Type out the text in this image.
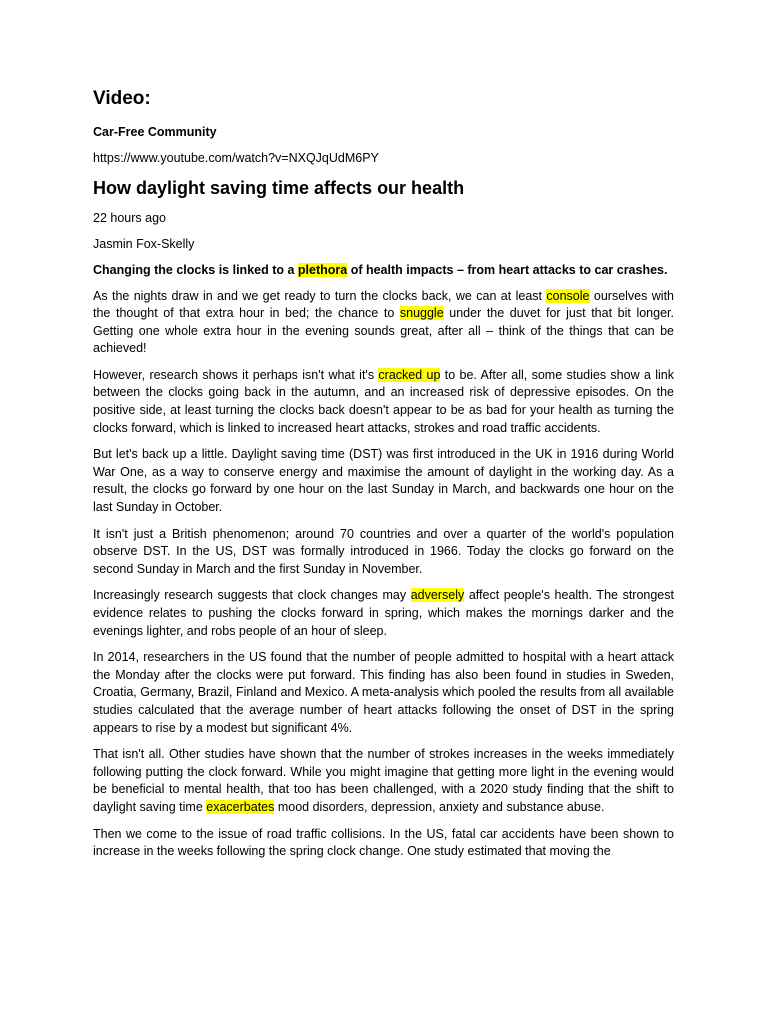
Video:
Car-Free Community
https://www.youtube.com/watch?v=NXQJqUdM6PY
How daylight saving time affects our health
22 hours ago
Jasmin Fox-Skelly
Changing the clocks is linked to a plethora of health impacts – from heart attacks to car crashes.

As the nights draw in and we get ready to turn the clocks back, we can at least console ourselves with the thought of that extra hour in bed; the chance to snuggle under the duvet for just that bit longer. Getting one whole extra hour in the evening sounds great, after all – think of the things that can be achieved!

However, research shows it perhaps isn't what it's cracked up to be. After all, some studies show a link between the clocks going back in the autumn, and an increased risk of depressive episodes. On the positive side, at least turning the clocks back doesn't appear to be as bad for your health as turning the clocks forward, which is linked to increased heart attacks, strokes and road traffic accidents.

But let's back up a little. Daylight saving time (DST) was first introduced in the UK in 1916 during World War One, as a way to conserve energy and maximise the amount of daylight in the working day. As a result, the clocks go forward by one hour on the last Sunday in March, and backwards one hour on the last Sunday in October.

It isn't just a British phenomenon; around 70 countries and over a quarter of the world's population observe DST. In the US, DST was formally introduced in 1966. Today the clocks go forward on the second Sunday in March and the first Sunday in November.

Increasingly research suggests that clock changes may adversely affect people's health. The strongest evidence relates to pushing the clocks forward in spring, which makes the mornings darker and the evenings lighter, and robs people of an hour of sleep.

In 2014, researchers in the US found that the number of people admitted to hospital with a heart attack the Monday after the clocks were put forward. This finding has also been found in studies in Sweden, Croatia, Germany, Brazil, Finland and Mexico. A meta-analysis which pooled the results from all available studies calculated that the average number of heart attacks following the onset of DST in the spring appears to rise by a modest but significant 4%.

That isn't all. Other studies have shown that the number of strokes increases in the weeks immediately following putting the clock forward. While you might imagine that getting more light in the evening would be beneficial to mental health, that too has been challenged, with a 2020 study finding that the shift to daylight saving time exacerbates mood disorders, depression, anxiety and substance abuse.

Then we come to the issue of road traffic collisions. In the US, fatal car accidents have been shown to increase in the weeks following the spring clock change. One study estimated that moving the
